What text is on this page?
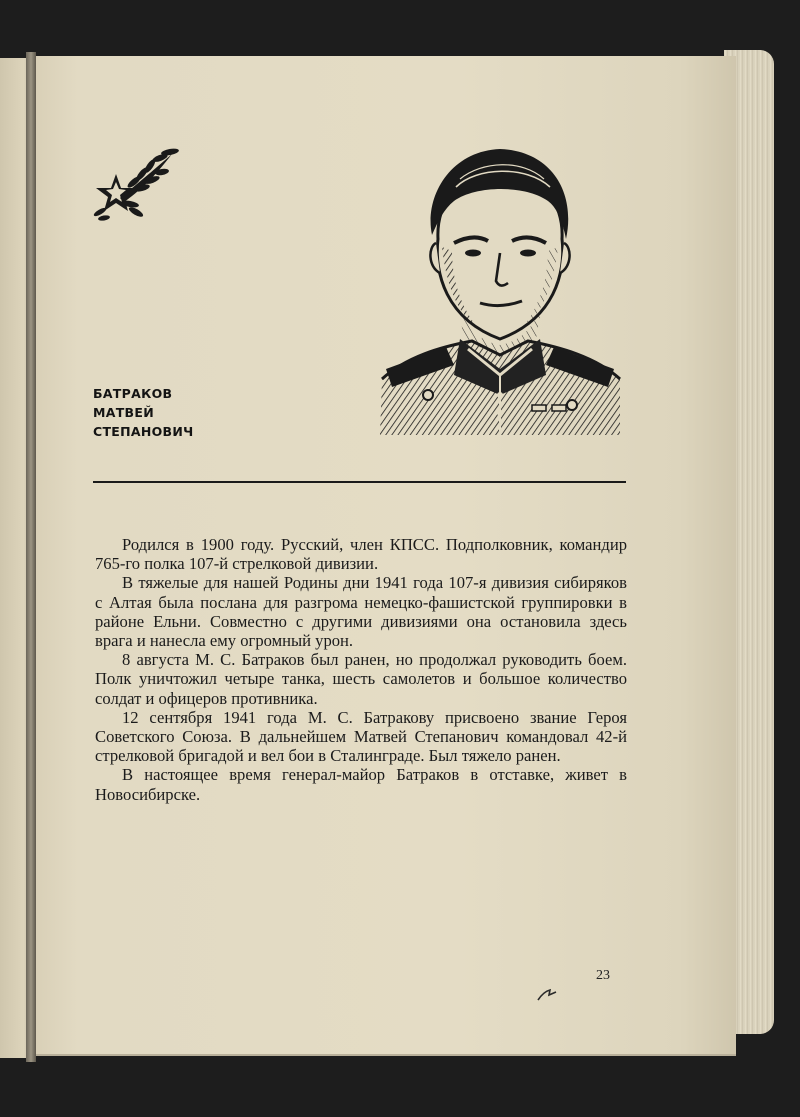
БАТРАКОВ
МАТВЕЙ
СТЕПАНОВИЧ

Родился в 1900 году. Русский, член КПСС. Подполковник, командир 765-го полка 107-й стрелковой дивизии.

В тяжелые для нашей Родины дни 1941 года 107-я дивизия сибиряков с Алтая была послана для разгрома немецко-фашистской группировки в районе Ельни. Совместно с другими дивизиями она остановила здесь врага и нанесла ему огромный урон.

8 августа М. С. Батраков был ранен, но продолжал руководить боем. Полк уничтожил четыре танка, шесть самолетов и большое количество солдат и офицеров противника.

12 сентября 1941 года М. С. Батракову присвоено звание Героя Советского Союза. В дальнейшем Матвей Степанович командовал 42-й стрелковой бригадой и вел бои в Сталинграде. Был тяжело ранен.

В настоящее время генерал-майор Батраков в отставке, живет в Новосибирске.

23
